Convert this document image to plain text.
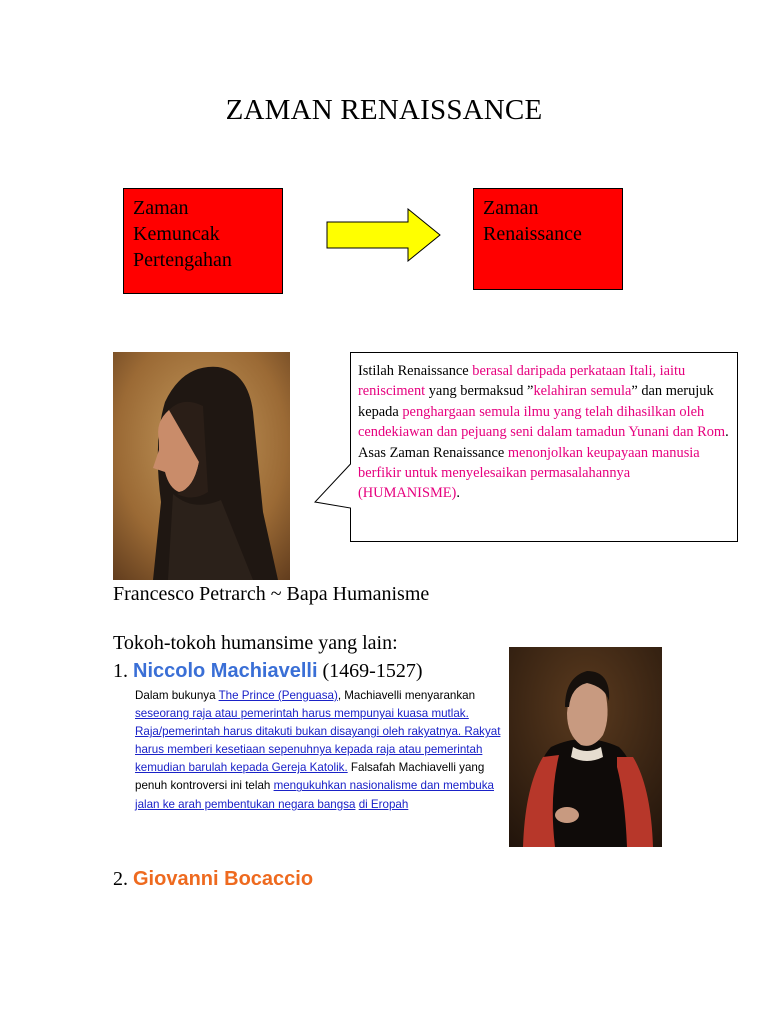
ZAMAN RENAISSANCE
Zaman
Kemuncak
Pertengahan
Zaman
Renaissance
Istilah Renaissance berasal daripada perkataan Itali, iaitu renisciment yang bermaksud ”kelahiran semula” dan merujuk kepada penghargaan semula ilmu yang telah dihasilkan oleh cendekiawan dan pejuang seni dalam tamadun Yunani dan Rom. Asas Zaman Renaissance menonjolkan keupayaan manusia berfikir untuk menyelesaikan permasalahannya (HUMANISME).
Francesco Petrarch ~ Bapa Humanisme
Tokoh-tokoh humansime yang lain:
1. Niccolo Machiavelli (1469-1527)
Dalam bukunya The Prince (Penguasa), Machiavelli menyarankan seseorang raja atau pemerintah harus mempunyai kuasa mutlak. Raja/pemerintah harus ditakuti bukan disayangi oleh rakyatnya. Rakyat harus memberi kesetiaan sepenuhnya kepada raja atau pemerintah kemudian barulah kepada Gereja Katolik. Falsafah Machiavelli yang penuh kontroversi ini telah mengukuhkan nasionalisme dan membuka jalan ke arah pembentukan negara bangsa di Eropah
2. Giovanni Bocaccio
